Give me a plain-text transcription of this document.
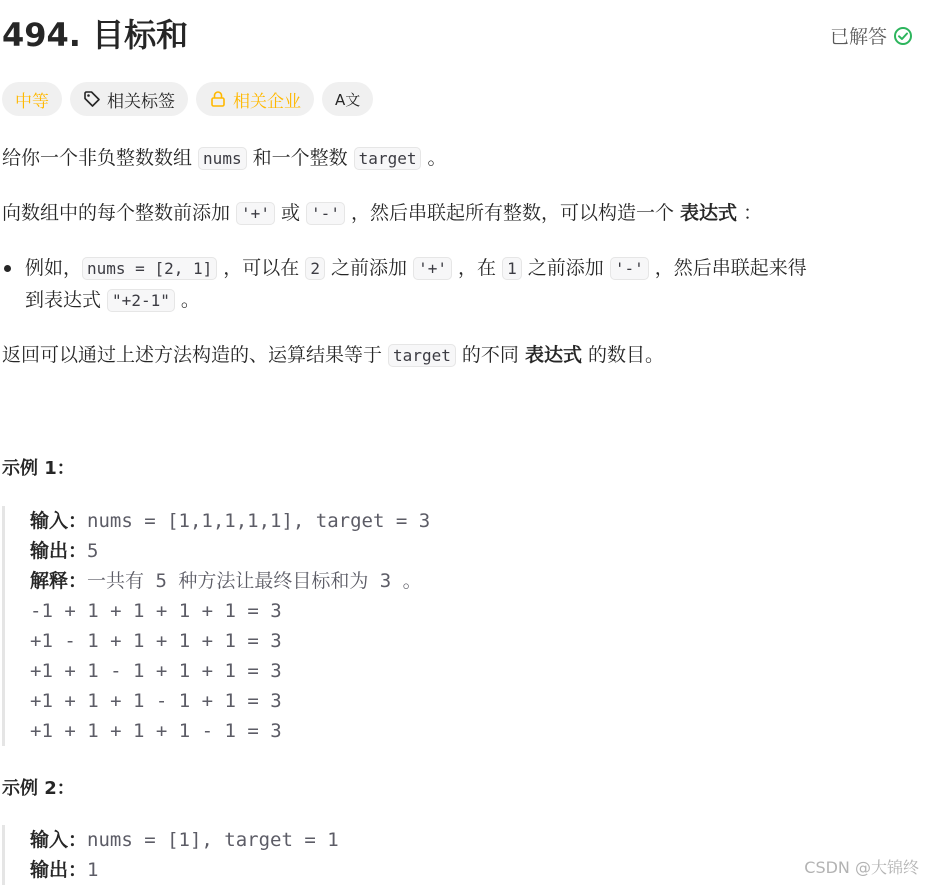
494. 目标和	已解答
中等	相关标签	相关企业 A文
给你一个非负整数数组 nums 和一个整数 target 。
向数组中的每个整数前添加 '+' 或 '-' ，然后串联起所有整数，可以构造一个 表达式 ：
例如， nums = [2, 1] ，可以在 2 之前添加 '+' ，在 1 之前添加 '-' ，然后串联起来得
到表达式 "+2-1" 。
返回可以通过上述方法构造的、运算结果等于 target 的不同 表达式 的数目。
示例 1：
输入：nums = [1,1,1,1,1], target = 3
输出：5
解释：一共有 5 种方法让最终目标和为 3 。
-1 + 1 + 1 + 1 + 1 = 3
+1 - 1 + 1 + 1 + 1 = 3
+1 + 1 - 1 + 1 + 1 = 3
+1 + 1 + 1 - 1 + 1 = 3
+1 + 1 + 1 + 1 - 1 = 3
示例 2：
输入：nums = [1], target = 1
输出：1	CSDN @大锦终
